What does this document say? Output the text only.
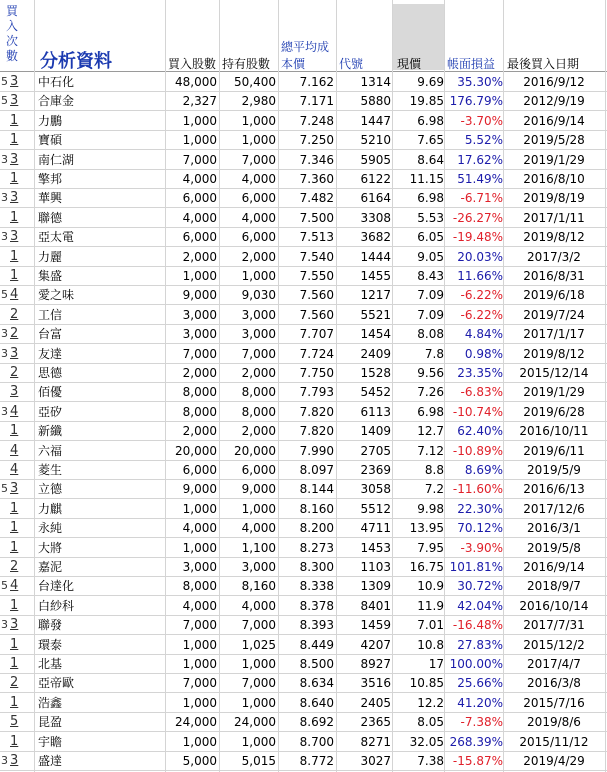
買
入
次
數 分析資料	買入股數 持有股數
總平均成
本價	代號	現價 帳面損益 最後買入日期
5 3	中石化	48,000	50,400	7.162	1314	9.69	35.30%	2016/9/12
5 3	合庫金	2,327	2,980	7.171	5880	19.85 176.79%	2012/9/19
1	力鵬	1,000	1,000	7.248	1447	6.98	-3.70%	2016/9/14
1	寶碩	1,000	1,000	7.250	5210	7.65	5.52%	2019/5/28
3 3	南仁湖	7,000	7,000	7.346	5905	8.64	17.62%	2019/1/29
1	擎邦	4,000	4,000	7.360	6122	11.15	51.49%	2016/8/10
3 3	華興	6,000	6,000	7.482	6164	6.98	-6.71%	2019/8/19
1	聯德	4,000	4,000	7.500	3308	5.53 -26.27%	2017/1/11
3 3	亞太電	6,000	6,000	7.513	3682	6.05 -19.48%	2019/8/12
1	力麗	2,000	2,000	7.540	1444	9.05	20.03%	2017/3/2
1	集盛	1,000	1,000	7.550	1455	8.43	11.66%	2016/8/31
5 4	愛之味	9,000	9,030	7.560	1217	7.09	-6.22%	2019/6/18
2	工信	3,000	3,000	7.560	5521	7.09	-6.22%	2019/7/24
3 2	台富	3,000	3,000	7.707	1454	8.08	4.84%	2017/1/17
3 3	友達	7,000	7,000	7.724	2409	7.8	0.98%	2019/8/12
2	思德	2,000	2,000	7.750	1528	9.56	23.35%	2015/12/14
3	佰優	8,000	8,000	7.793	5452	7.26	-6.83%	2019/1/29
3 4	亞矽	8,000	8,000	7.820	6113	6.98 -10.74%	2019/6/28
1	新纖	2,000	2,000	7.820	1409	12.7	62.40%	2016/10/11
4	六福	20,000	20,000	7.990	2705	7.12 -10.89%	2019/6/11
4	菱生	6,000	6,000	8.097	2369	8.8	8.69%	2019/5/9
5 3	立德	9,000	9,000	8.144	3058	7.2 -11.60%	2016/6/13
1	力麒	1,000	1,000	8.160	5512	9.98	22.30%	2017/12/6
1	永純	4,000	4,000	8.200	4711	13.95	70.12%	2016/3/1
1	大將	1,000	1,100	8.273	1453	7.95	-3.90%	2019/5/8
2	嘉泥	3,000	3,000	8.300	1103	16.75 101.81%	2016/9/14
5 4	台達化	8,000	8,160	8.338	1309	10.9	30.72%	2018/9/7
1	白紗科	4,000	4,000	8.378	8401	11.9	42.04%	2016/10/14
3 3	聯發	7,000	7,000	8.393	1459	7.01 -16.48%	2017/7/31
1	環泰	1,000	1,025	8.449	4207	10.8	27.83%	2015/12/2
1	北基	1,000	1,000	8.500	8927	17 100.00%	2017/4/7
2	亞帝歐	7,000	7,000	8.634	3516	10.85	25.66%	2016/3/8
1	浩鑫	1,000	1,000	8.640	2405	12.2	41.20%	2015/7/16
5	昆盈	24,000	24,000	8.692	2365	8.05	-7.38%	2019/8/6
1	宇瞻	1,000	1,000	8.700	8271	32.05 268.39%	2015/11/12
3 3	盛達	5,000	5,015	8.772	3027	7.38 -15.87%	2019/4/29
